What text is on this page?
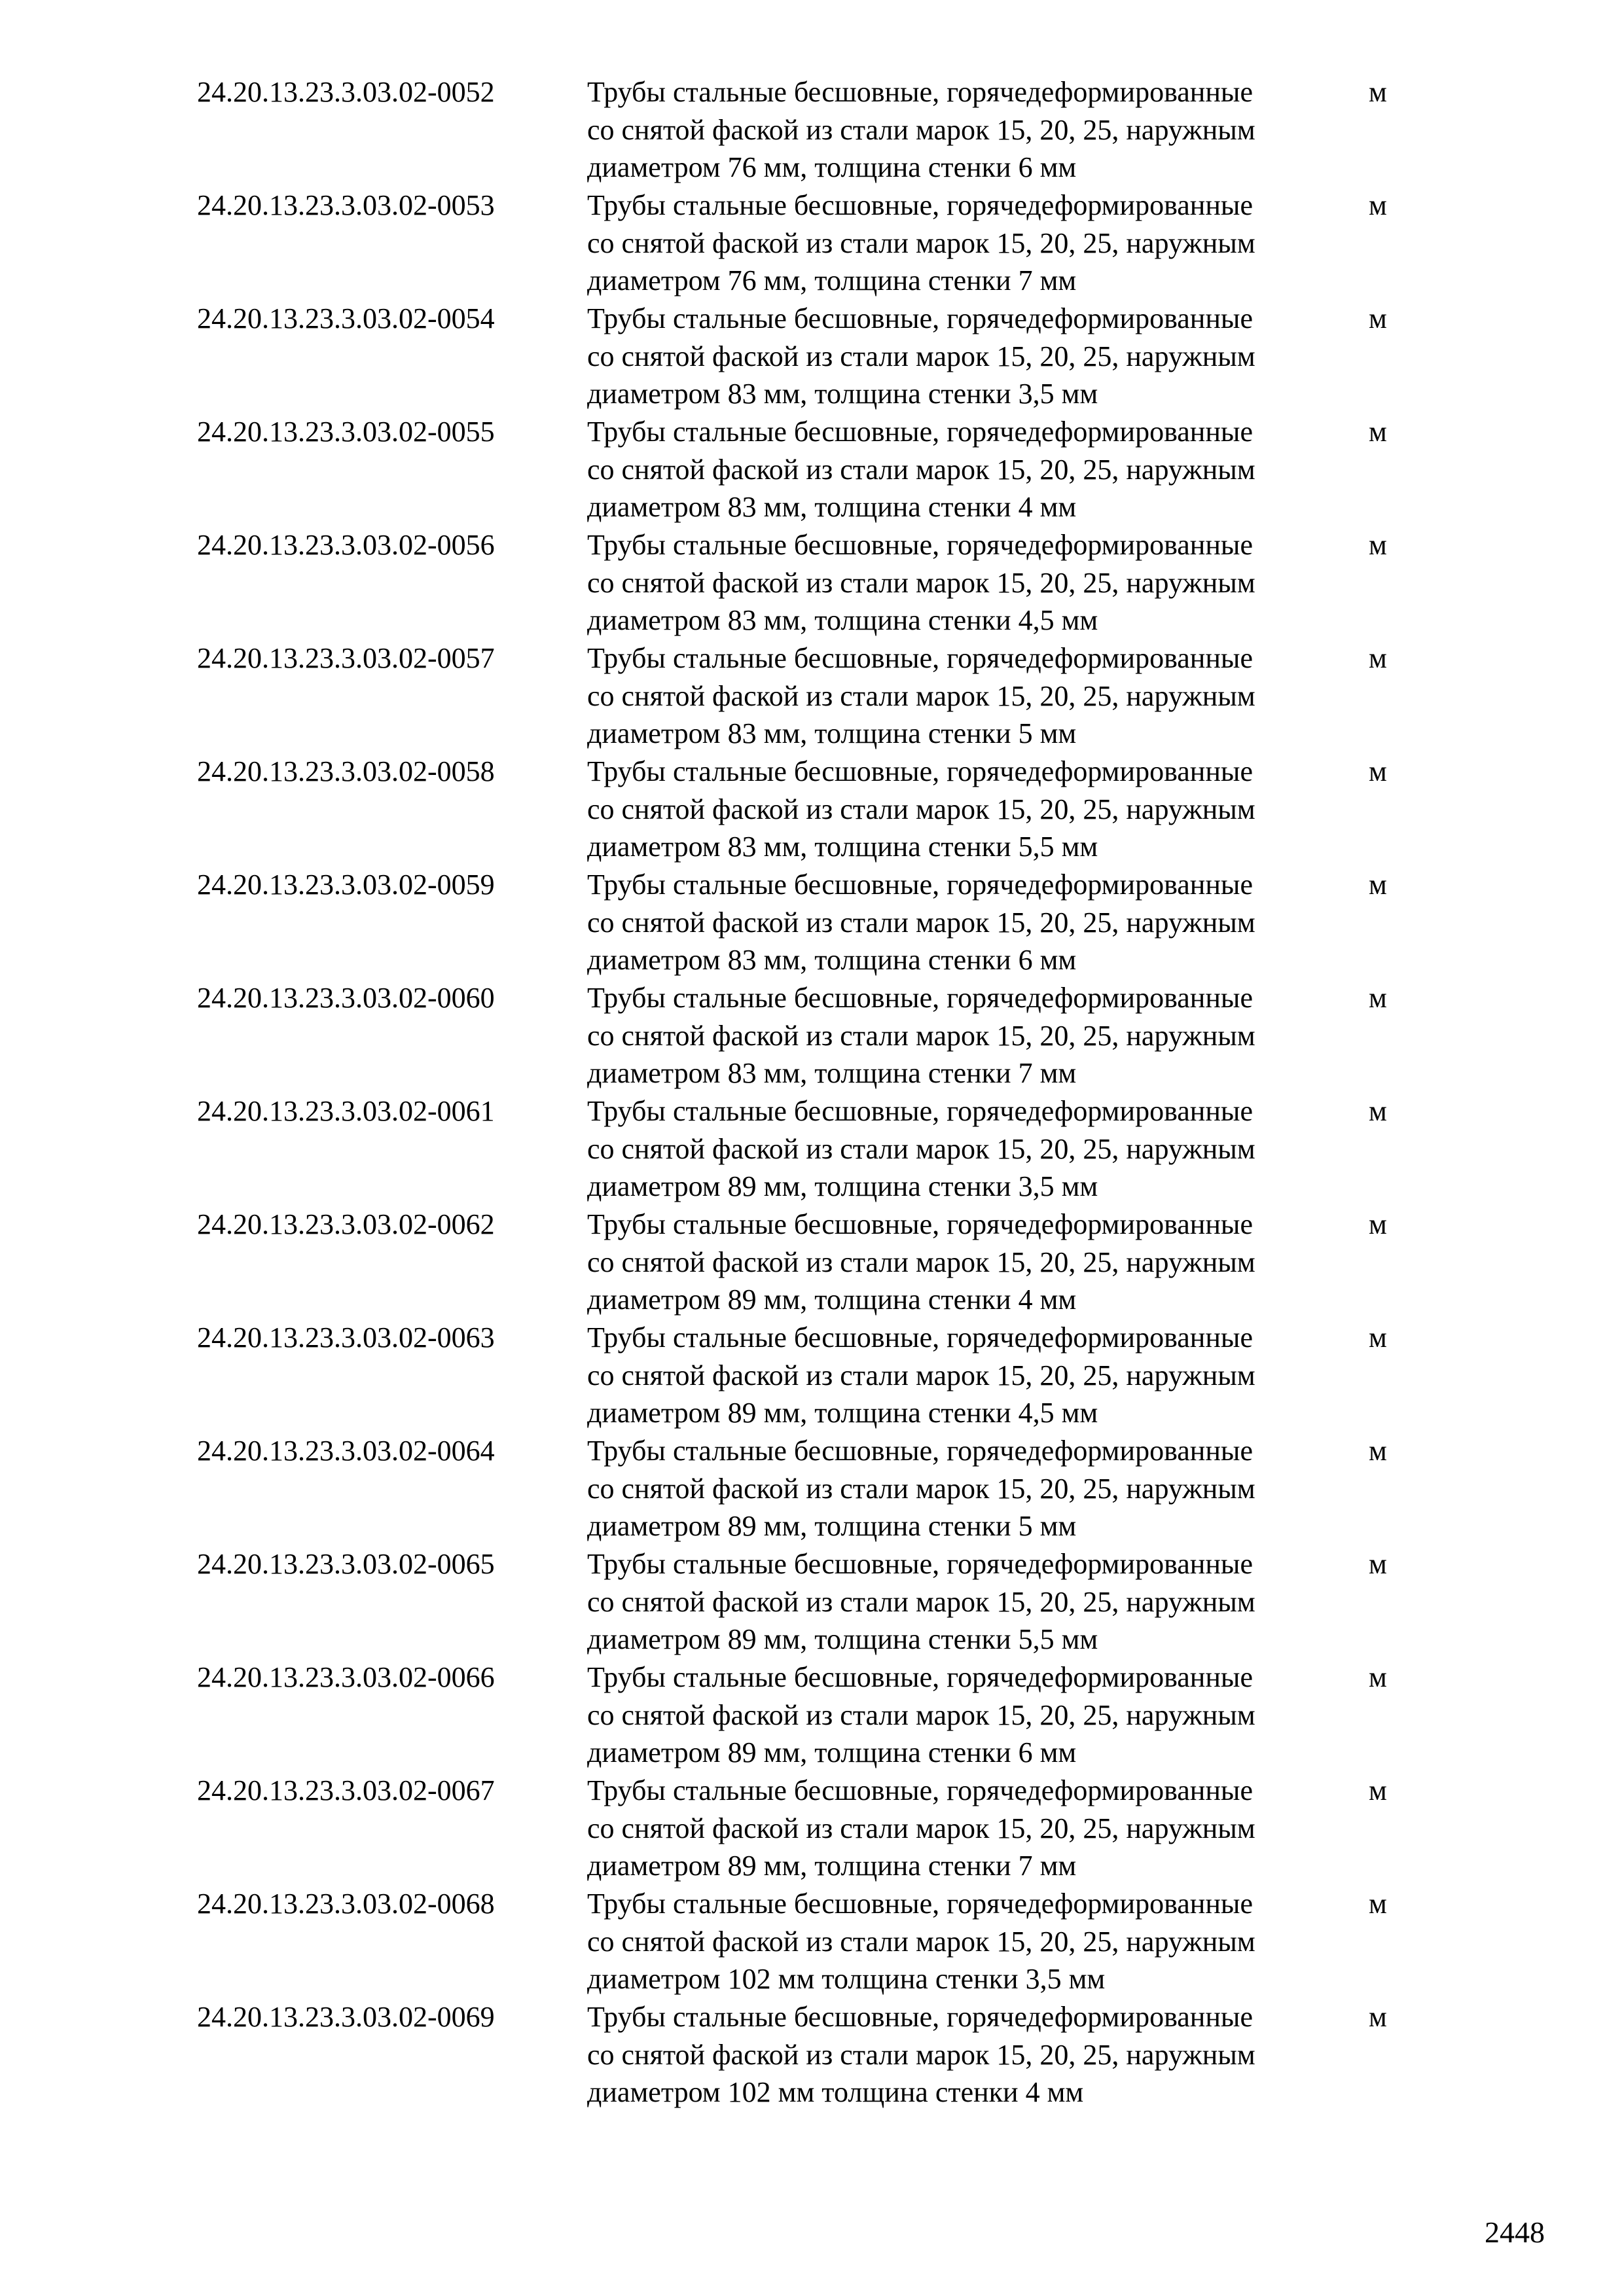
24.20.13.23.3.03.02-0052	Трубы стальные бесшовные, горячедеформированные
со снятой фаской из стали марок 15, 20, 25, наружным
диаметром 76 мм, толщина стенки 6 мм
м
24.20.13.23.3.03.02-0053	Трубы стальные бесшовные, горячедеформированные
со снятой фаской из стали марок 15, 20, 25, наружным
диаметром 76 мм, толщина стенки 7 мм
м
24.20.13.23.3.03.02-0054	Трубы стальные бесшовные, горячедеформированные
со снятой фаской из стали марок 15, 20, 25, наружным
диаметром 83 мм, толщина стенки 3,5 мм
м
24.20.13.23.3.03.02-0055	Трубы стальные бесшовные, горячедеформированные
со снятой фаской из стали марок 15, 20, 25, наружным
диаметром 83 мм, толщина стенки 4 мм
м
24.20.13.23.3.03.02-0056	Трубы стальные бесшовные, горячедеформированные
со снятой фаской из стали марок 15, 20, 25, наружным
диаметром 83 мм, толщина стенки 4,5 мм
м
24.20.13.23.3.03.02-0057	Трубы стальные бесшовные, горячедеформированные
со снятой фаской из стали марок 15, 20, 25, наружным
диаметром 83 мм, толщина стенки 5 мм
м
24.20.13.23.3.03.02-0058	Трубы стальные бесшовные, горячедеформированные
со снятой фаской из стали марок 15, 20, 25, наружным
диаметром 83 мм, толщина стенки 5,5 мм
м
24.20.13.23.3.03.02-0059	Трубы стальные бесшовные, горячедеформированные
со снятой фаской из стали марок 15, 20, 25, наружным
диаметром 83 мм, толщина стенки 6 мм
м
24.20.13.23.3.03.02-0060	Трубы стальные бесшовные, горячедеформированные
со снятой фаской из стали марок 15, 20, 25, наружным
диаметром 83 мм, толщина стенки 7 мм
м
24.20.13.23.3.03.02-0061	Трубы стальные бесшовные, горячедеформированные
со снятой фаской из стали марок 15, 20, 25, наружным
диаметром 89 мм, толщина стенки 3,5 мм
м
24.20.13.23.3.03.02-0062	Трубы стальные бесшовные, горячедеформированные
со снятой фаской из стали марок 15, 20, 25, наружным
диаметром 89 мм, толщина стенки 4 мм
м
24.20.13.23.3.03.02-0063	Трубы стальные бесшовные, горячедеформированные
со снятой фаской из стали марок 15, 20, 25, наружным
диаметром 89 мм, толщина стенки 4,5 мм
м
24.20.13.23.3.03.02-0064	Трубы стальные бесшовные, горячедеформированные
со снятой фаской из стали марок 15, 20, 25, наружным
диаметром 89 мм, толщина стенки 5 мм
м
24.20.13.23.3.03.02-0065	Трубы стальные бесшовные, горячедеформированные
со снятой фаской из стали марок 15, 20, 25, наружным
диаметром 89 мм, толщина стенки 5,5 мм
м
24.20.13.23.3.03.02-0066	Трубы стальные бесшовные, горячедеформированные
со снятой фаской из стали марок 15, 20, 25, наружным
диаметром 89 мм, толщина стенки 6 мм
м
24.20.13.23.3.03.02-0067	Трубы стальные бесшовные, горячедеформированные
со снятой фаской из стали марок 15, 20, 25, наружным
диаметром 89 мм, толщина стенки 7 мм
м
24.20.13.23.3.03.02-0068	Трубы стальные бесшовные, горячедеформированные
со снятой фаской из стали марок 15, 20, 25, наружным
диаметром 102 мм толщина стенки 3,5 мм
м
24.20.13.23.3.03.02-0069	Трубы стальные бесшовные, горячедеформированные
со снятой фаской из стали марок 15, 20, 25, наружным
диаметром 102 мм толщина стенки 4 мм
м
2448
